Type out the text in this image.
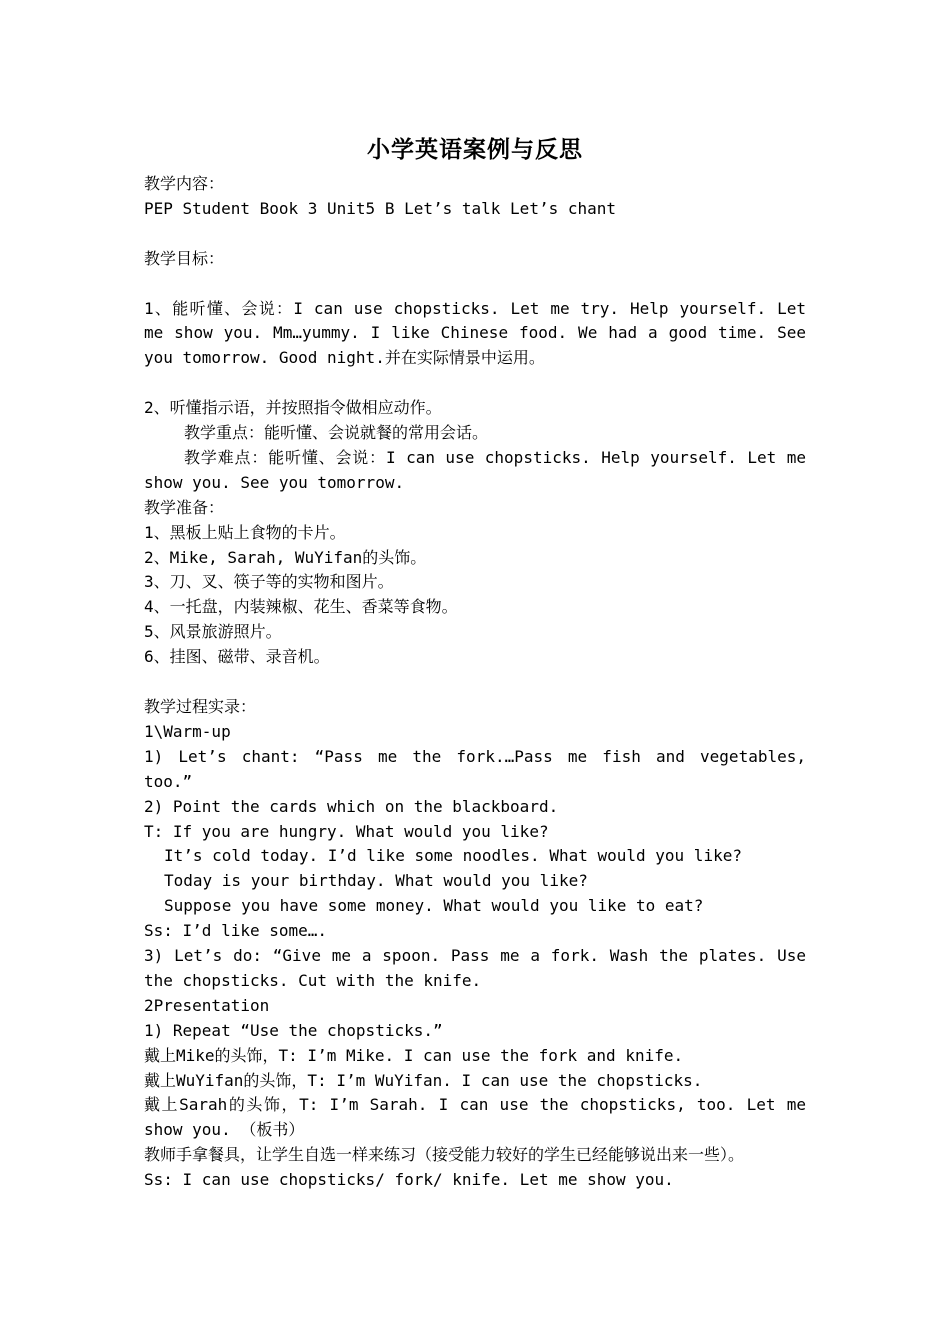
小学英语案例与反思

教学内容：

PEP Student Book 3 Unit5 B Let’s talk Let’s chant

教学目标：

1、能听懂、会说：I can use chopsticks. Let me try. Help yourself. Let me show you. Mm…yummy. I like Chinese food. We had a good time. See you tomorrow. Good night.并在实际情景中运用。

2、听懂指示语，并按照指令做相应动作。

教学重点：能听懂、会说就餐的常用会话。

教学难点：能听懂、会说：I can use chopsticks. Help yourself. Let me show you. See you tomorrow.

教学准备：

1、黑板上贴上食物的卡片。

2、Mike, Sarah, WuYifan的头饰。

3、刀、叉、筷子等的实物和图片。

4、一托盘，内装辣椒、花生、香菜等食物。

5、风景旅游照片。

6、挂图、磁带、录音机。

教学过程实录：

1\Warm-up

1) Let’s chant: “Pass me the fork.…Pass me fish and vegetables, too.”

2) Point the cards which on the blackboard.

T: If you are hungry. What would you like?

It’s cold today. I’d like some noodles. What would you like?

Today is your birthday. What would you like?

Suppose you have some money. What would you like to eat?

Ss: I’d like some….

3) Let’s do: “Give me a spoon. Pass me a fork. Wash the plates. Use the chopsticks. Cut with the knife.

2Presentation

1) Repeat “Use the chopsticks.”

戴上Mike的头饰，T: I’m Mike. I can use the fork and knife.

戴上WuYifan的头饰，T: I’m WuYifan. I can use the chopsticks.

戴上Sarah的头饰，T: I’m Sarah. I can use the chopsticks, too. Let me show you. （板书）

教师手拿餐具，让学生自选一样来练习（接受能力较好的学生已经能够说出来一些）。

Ss: I can use chopsticks/ fork/ knife. Let me show you.
